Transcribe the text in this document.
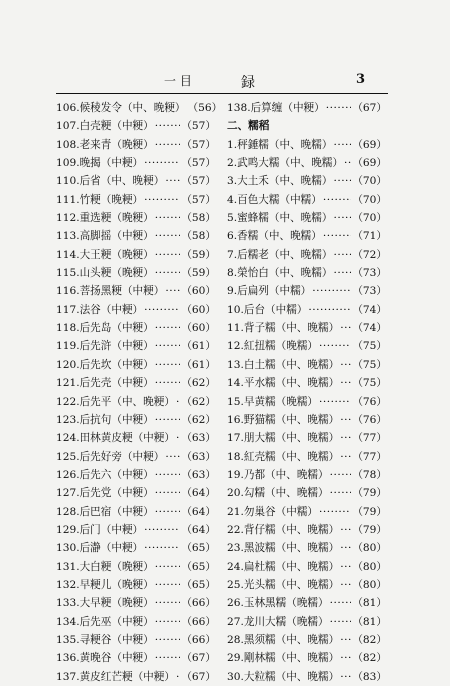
一 目	録	3
106. 候稜发令 （中、晚粳） （56）
107. 白壳粳 （中粳） ·····	（57）
108. 老来青 （晚粳） ·····	（57）
109. 晚揭 （中粳） ·····	（57）
110. 后省 （中、晚粳） ····· （57）
111. 竹粳 （晚粳） ·····	（57）
112. 重选粳 （晚粳） ·····	（58）
113. 高脚摇 （中粳） ·····	（58）
114. 大王粳 （晚粳） ·····	（59）
115. 山头粳 （晚粳） ·····	（59）
116. 菩扬黑粳 （中粳） ····· （60）
117. 法谷 （中粳） ·····	（60）
118. 后先岛 （中粳） ·····	（60）
119. 后先浒 （中粳） ·····	（61）
120. 后先坎 （中粳） ·····	（61）
121. 后先壳 （中粳） ·····	（62）
122. 后先平 （中、晚粳） ····· （62）
123. 后抗句 （中粳） ·····	（62）
124. 田林黄皮粳 （中粳） ····· （63）
125. 后先好旁 （中粳） ····· （63）
126. 后先六 （中粳） ·····	（63）
127. 后先党 （中粳） ·····	（64）
128. 后巴宿 （中粳） ·····	（64）
129. 后门 （中粳） ·····	（64）
130. 后瀞 （中粳） ·····	（65）
131. 大白粳 （晚粳） ·····	（65）
132. 早粳儿 （晚粳） ·····	（65）
133. 大早粳 （晚粳） ·····	（66）
134. 后先巫 （中粳） ·····	（66）
135. 寻粳谷 （中粳） ·····	（66）
136. 黄晚谷 （中粳） ·····	（67）
137. 黄皮红芒粳 （中粳） ····· （67）
138. 后算缠 （中粳） ·····	（67）
二、糯稻
1. 秤錘糯 （中、晚糯） ····· （69）
2. 武鸣大糯 （中、晚糯） ····· （69）
3. 大土禾 （中、晚糯） ····· （70）
4. 百色大糯 （中糯） ·····	（70）
5. 蜜蜂糯 （中、晚糯） ····· （70）
6. 香糯 （中、晚糯） ·····	（71）
7. 后糯老 （中、晚糯） ····· （72）
8. 榮怡白 （中、晚糯） ····· （73）
9. 后扁列 （中糯） ·····	（73）
10. 后台 （中糯） ·····	（74）
11. 背子糯 （中、晚糯） ····· （74）
12. 紅扭糯 （晚糯） ·····	（75）
13. 白土糯 （中、晚糯） ····· （75）
14. 平水糯 （中、晚糯） ····· （75）
15. 早黄糯 （晚糯） ·····	（76）
16. 野猫糯 （中、晚糯） ····· （76）
17. 朋大糯 （中、晚糯） ····· （77）
18. 紅壳糯 （中、晚糯） ····· （77）
19. 乃都 （中、晚糯） ····· （78）
20. 勾糯 （中、晚糯） ····· （79）
21. 勿巢谷 （中糯） ·····	（79）
22. 背仔糯 （中、晚糯） ····· （79）
23. 黑波糯 （中、晚糯） ····· （80）
24. 扁杜糯 （中、晚糯） ····· （80）
25. 光头糯 （中、晚糯） ····· （80）
26. 玉林黑糯 （晚糯） ····· （81）
27. 龙川大糯 （晚糯） ····· （81）
28. 黑须糯 （中、晚糯） ····· （82）
29. 剛林糯 （中、晚糯） ····· （82）
30. 大粒糯 （中、晚糯） ····· （83）
